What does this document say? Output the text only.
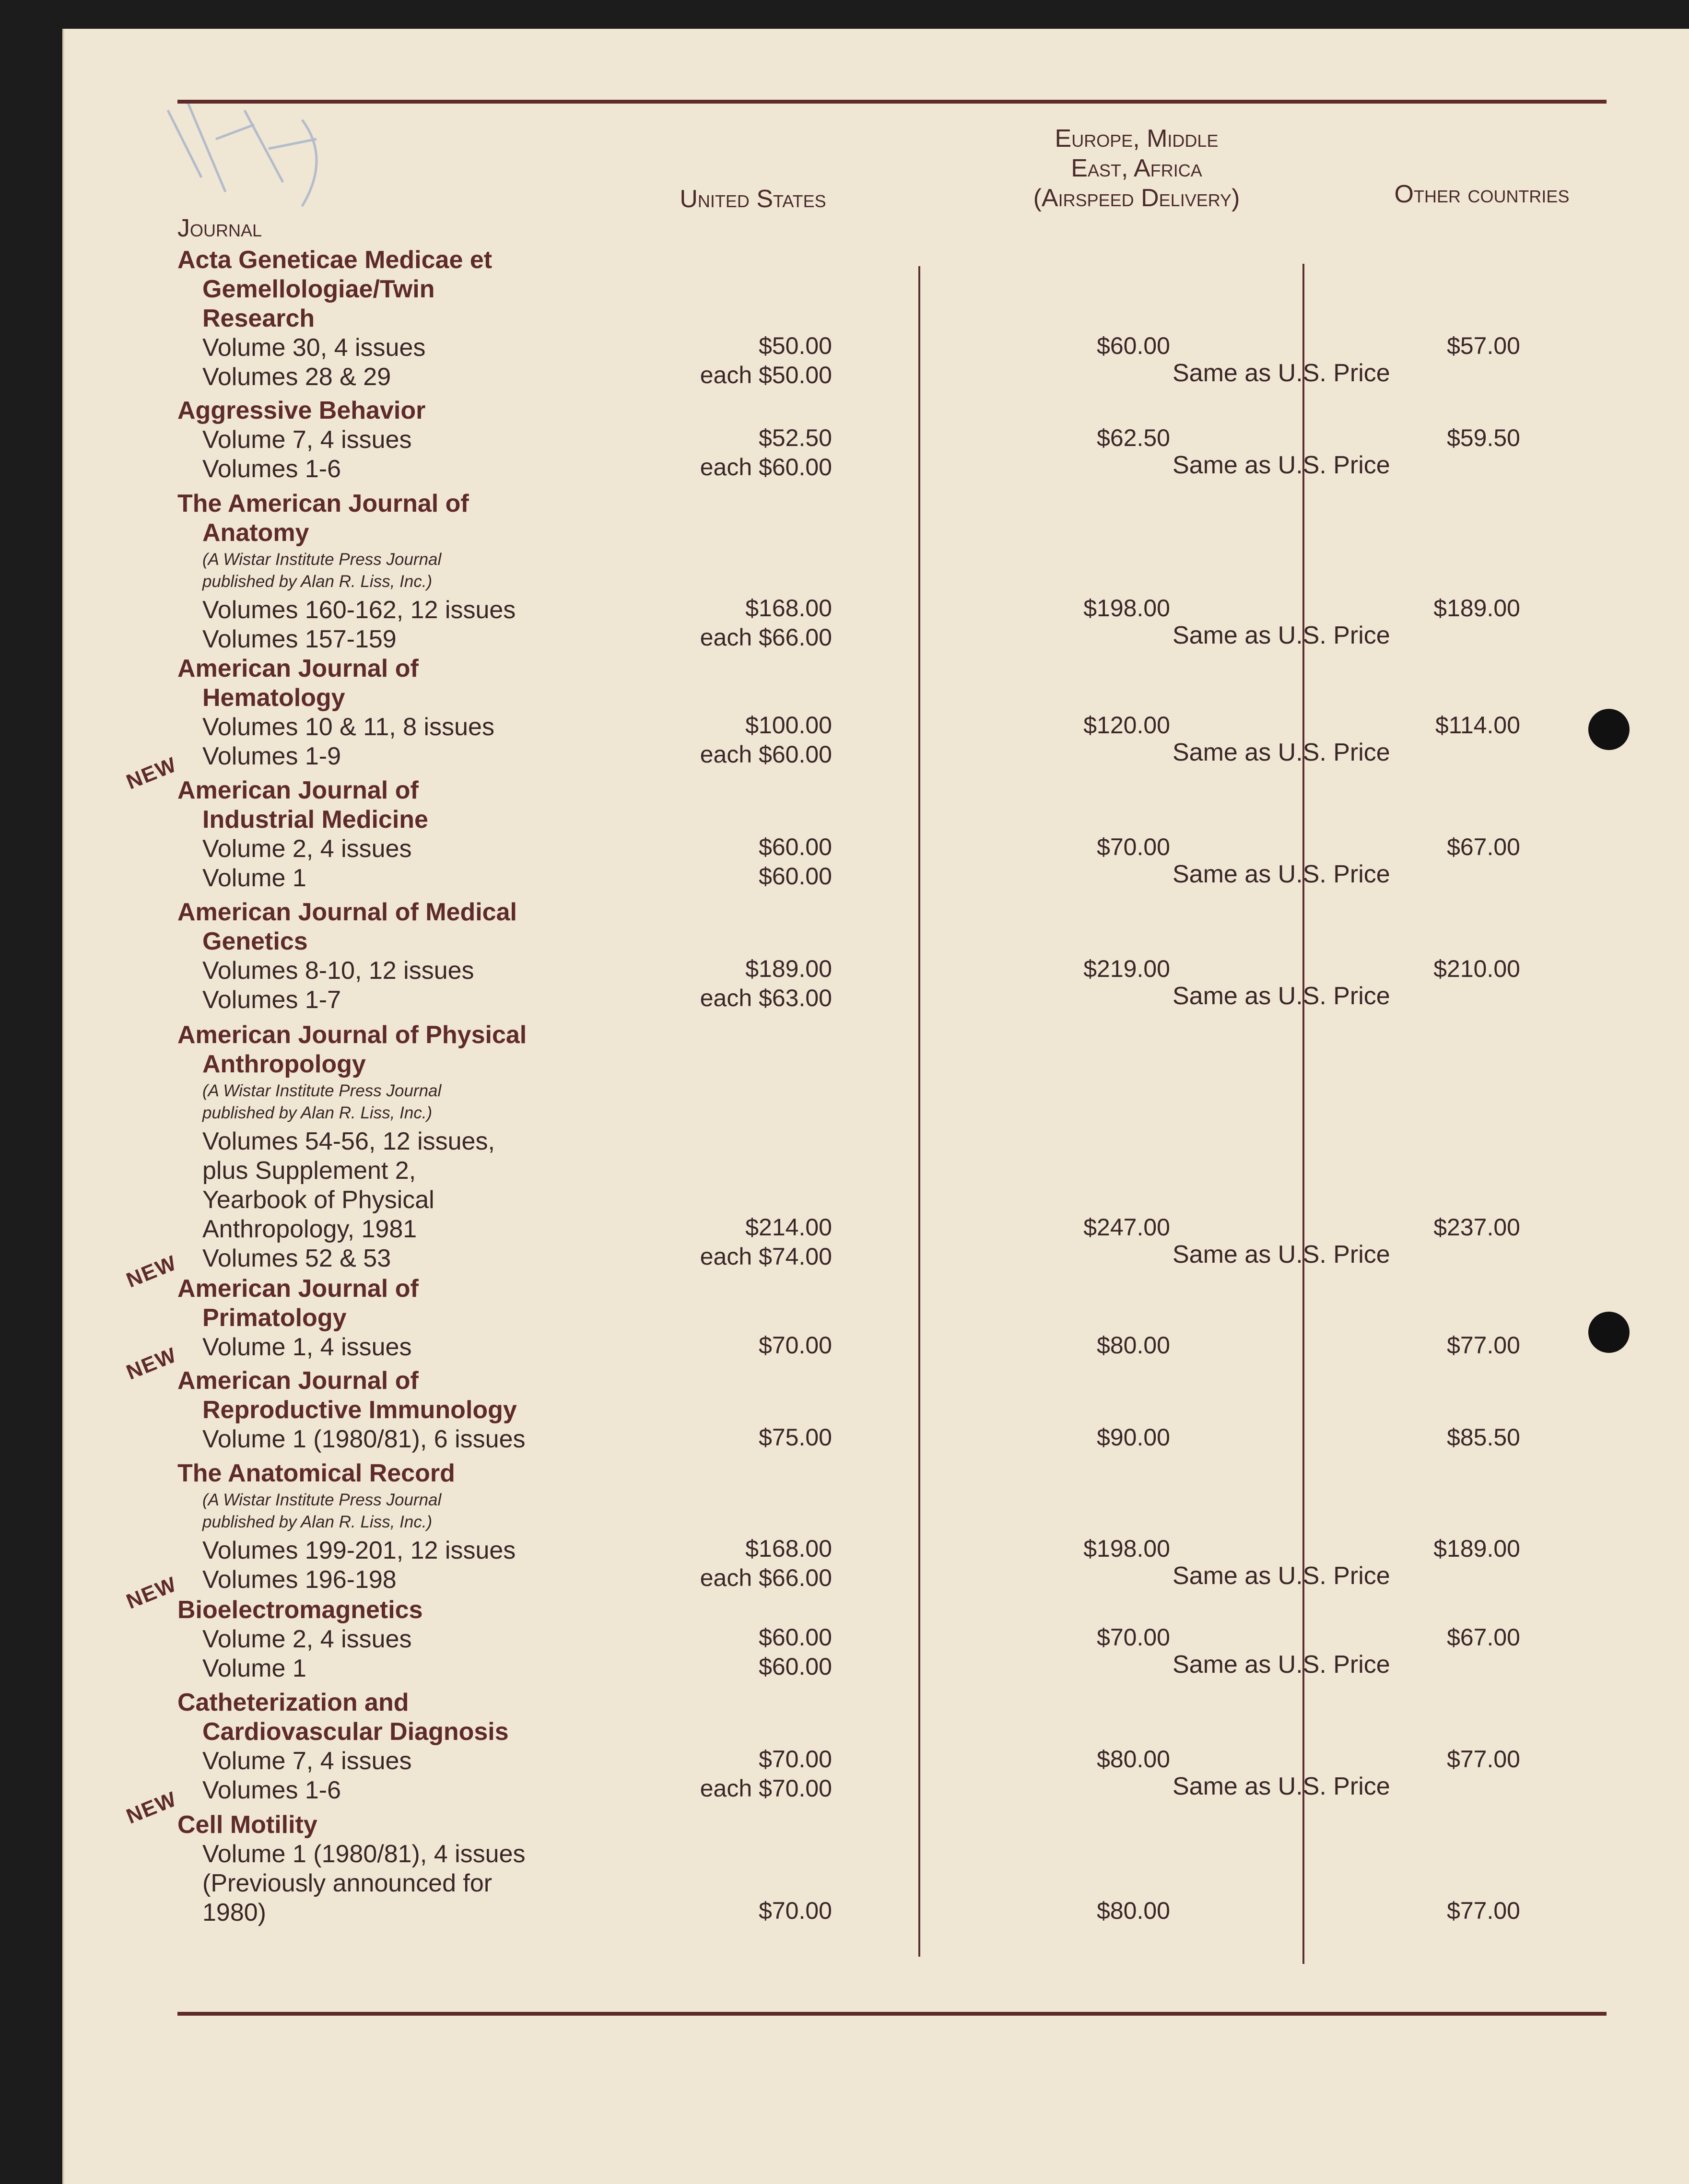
Journal
United States
Europe, Middle
East, Africa
(Airspeed Delivery)	Other countries
Acta Geneticae Medicae et
Gemellologiae/Twin
Research
Volume 30, 4 issues	$50.00	$60.00	$57.00
Volumes 28 & 29	each $50.00	Same as U.S. Price
Aggressive Behavior
Volume 7, 4 issues	$52.50	$62.50	$59.50
Volumes 1-6	each $60.00	Same as U.S. Price
The American Journal of
Anatomy
(A Wistar Institute Press Journal
published by Alan R. Liss, Inc.)
Volumes 160-162, 12 issues	$168.00	$198.00	$189.00
Volumes 157-159	each $66.00	Same as U.S. Price
American Journal of
Hematology
Volumes 10 & 11, 8 issues	$100.00	$120.00	$114.00
Volumes 1-9	each $60.00	Same as U.S. Price
NEW
American Journal of
Industrial Medicine
Volume 2, 4 issues	$60.00	$70.00	$67.00
Volume 1	$60.00	Same as U.S. Price
American Journal of Medical
Genetics
Volumes 8-10, 12 issues	$189.00	$219.00	$210.00
Volumes 1-7	each $63.00	Same as U.S. Price
American Journal of Physical
Anthropology
(A Wistar Institute Press Journal
published by Alan R. Liss, Inc.)
Volumes 54-56, 12 issues,
plus Supplement 2,
Yearbook of Physical
Anthropology, 1981	$214.00	$247.00	$237.00
Volumes 52 & 53	each $74.00	Same as U.S. Price
NEW
American Journal of
Primatology
Volume 1, 4 issues	$70.00	$80.00	$77.00
NEW
American Journal of
Reproductive Immunology
Volume 1 (1980/81), 6 issues	$75.00	$90.00	$85.50
The Anatomical Record
(A Wistar Institute Press Journal
published by Alan R. Liss, Inc.)
Volumes 199-201, 12 issues	$168.00	$198.00	$189.00
Volumes 196-198	each $66.00	Same as U.S. Price
NEW
Bioelectromagnetics
Volume 2, 4 issues	$60.00	$70.00	$67.00
Volume 1	$60.00	Same as U.S. Price
Catheterization and
Cardiovascular Diagnosis
Volume 7, 4 issues	$70.00	$80.00	$77.00
Volumes 1-6	each $70.00	Same as U.S. Price
NEW
Cell Motility
Volume 1 (1980/81), 4 issues
(Previously announced for
1980)	$70.00	$80.00	$77.00
